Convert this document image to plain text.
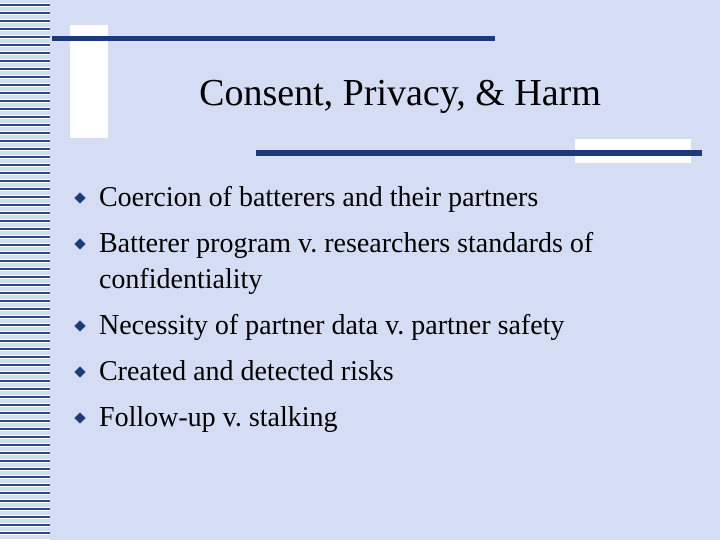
Consent, Privacy, & Harm
Coercion of batterers and their partners
Batterer program v. researchers standards of confidentiality
Necessity of partner data v. partner safety
Created and detected risks
Follow-up v. stalking
